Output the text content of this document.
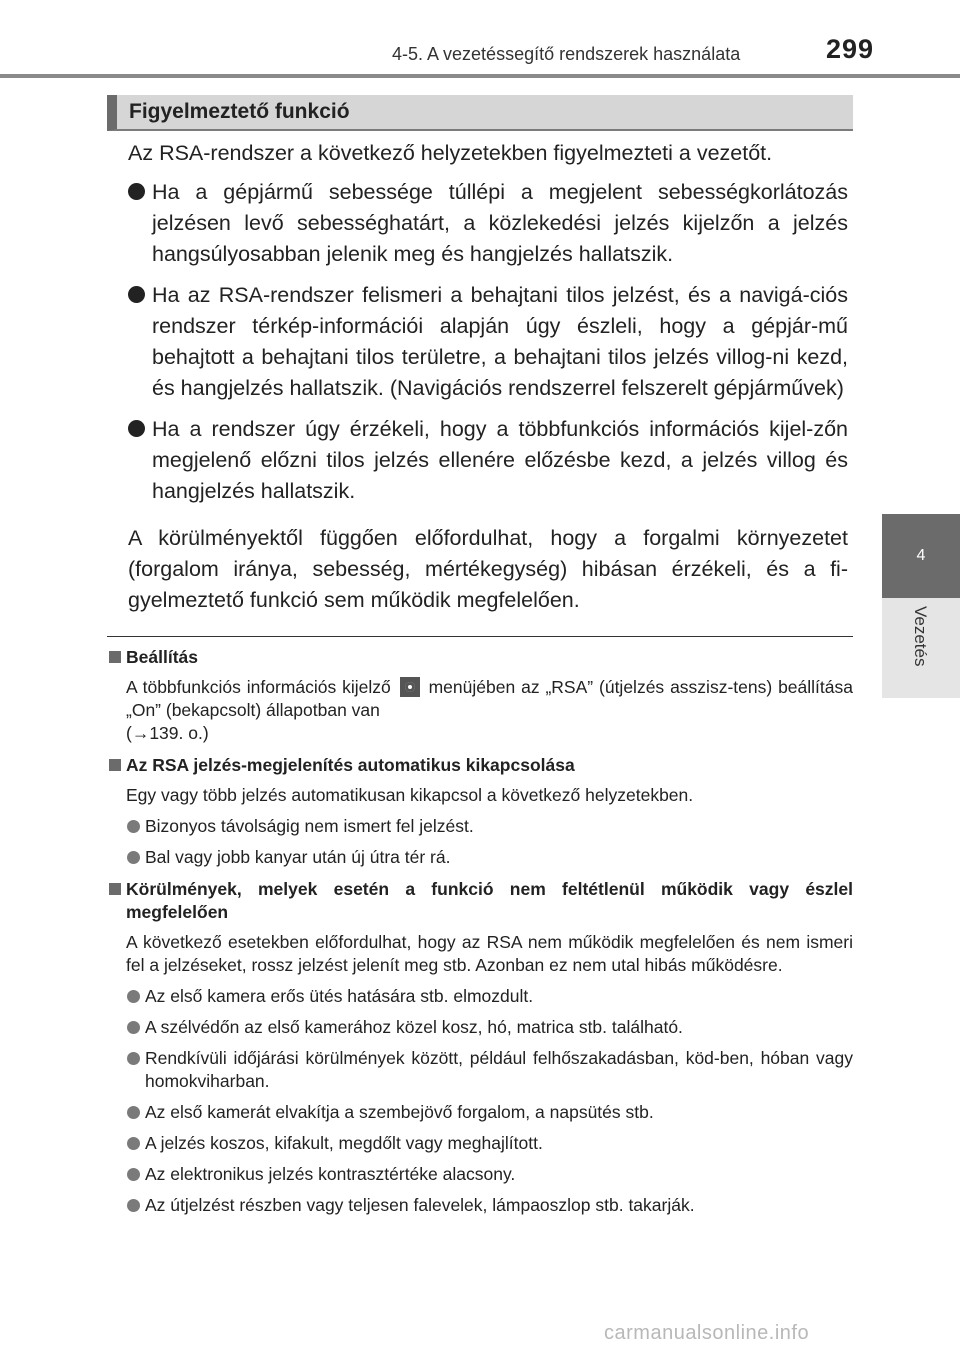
4-5. A vezetéssegítő rendszerek használata	299
4
Vezetés
Figyelmeztető funkció

Az RSA-rendszer a következő helyzetekben figyelmezteti a vezetőt.

Ha a gépjármű sebessége túllépi a megjelent sebességkorlátozás jelzésen levő sebességhatárt, a közlekedési jelzés kijelzőn a jelzés hangsúlyosabban jelenik meg és hangjelzés hallatszik.
Ha az RSA-rendszer felismeri a behajtani tilos jelzést, és a navigá-ciós rendszer térkép-információi alapján úgy észleli, hogy a gépjár-mű behajtott a behajtani tilos területre, a behajtani tilos jelzés villog-ni kezd, és hangjelzés hallatszik. (Navigációs rendszerrel felszerelt gépjárművek)
Ha a rendszer úgy érzékeli, hogy a többfunkciós információs kijel-zőn megjelenő előzni tilos jelzés ellenére előzésbe kezd, a jelzés villog és hangjelzés hallatszik.

A körülményektől függően előfordulhat, hogy a forgalmi környezetet (forgalom iránya, sebesség, mértékegység) hibásan érzékeli, és a fi-gyelmeztető funkció sem működik megfelelően.

Beállítás
A többfunkciós információs kijelző menüjében az „RSA” (útjelzés asszisz-tens) beállítása „On” (bekapcsolt) állapotban van
(→139. o.)
Az RSA jelzés-megjelenítés automatikus kikapcsolása
Egy vagy több jelzés automatikusan kikapcsol a következő helyzetekben.
Bizonyos távolságig nem ismert fel jelzést.
Bal vagy jobb kanyar után új útra tér rá.
Körülmények, melyek esetén a funkció nem feltétlenül működik vagy észlel megfelelően
A következő esetekben előfordulhat, hogy az RSA nem működik megfelelően és nem ismeri fel a jelzéseket, rossz jelzést jelenít meg stb. Azonban ez nem utal hibás működésre.
Az első kamera erős ütés hatására stb. elmozdult.
A szélvédőn az első kamerához közel kosz, hó, matrica stb. található.
Rendkívüli időjárási körülmények között, például felhőszakadásban, köd-ben, hóban vagy homokviharban.
Az első kamerát elvakítja a szembejövő forgalom, a napsütés stb.
A jelzés koszos, kifakult, megdőlt vagy meghajlított.
Az elektronikus jelzés kontrasztértéke alacsony.
Az útjelzést részben vagy teljesen falevelek, lámpaoszlop stb. takarják.
carmanualsonline.info
